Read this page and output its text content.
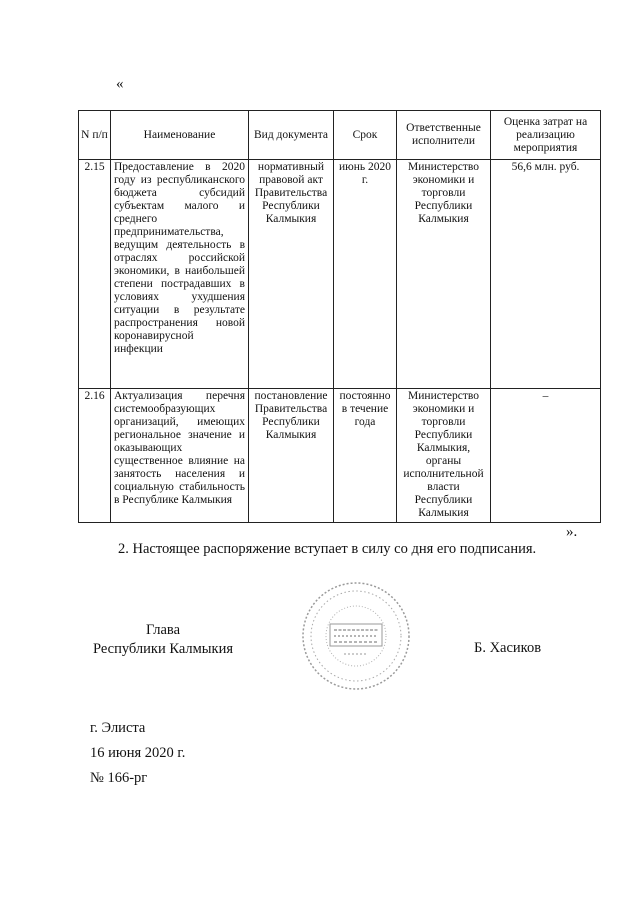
«
N п/п	Наименование	Вид документа	Срок	Ответственные исполнители	Оценка затрат на реализацию мероприятия
2.15	Предоставление в 2020 году из республиканского бюджета субсидий субъектам малого и среднего предпринимательства, ведущим деятельность в отраслях российской экономики, в наибольшей степени пострадавших в условиях ухудшения ситуации в результате распространения новой коронавирусной инфекции	нормативный правовой акт Правительства Республики Калмыкия	июнь 2020 г.	Министерство экономики и торговли Республики Калмыкия	56,6 млн. руб.
2.16	Актуализация перечня системообразующих организаций, имеющих региональное значение и оказывающих существенное влияние на занятость населения и социальную стабильность в Республике Калмыкия	постановление Правительства Республики Калмыкия	постоянно в течение года	Министерство экономики и торговли Республики Калмыкия, органы исполнительной власти Республики Калмыкия	–
».
2. Настоящее распоряжение вступает в силу со дня его подписания.
Глава
Республики Калмыкия	Б. Хасиков
г. Элиста
16 июня 2020 г.
№ 166-рг
